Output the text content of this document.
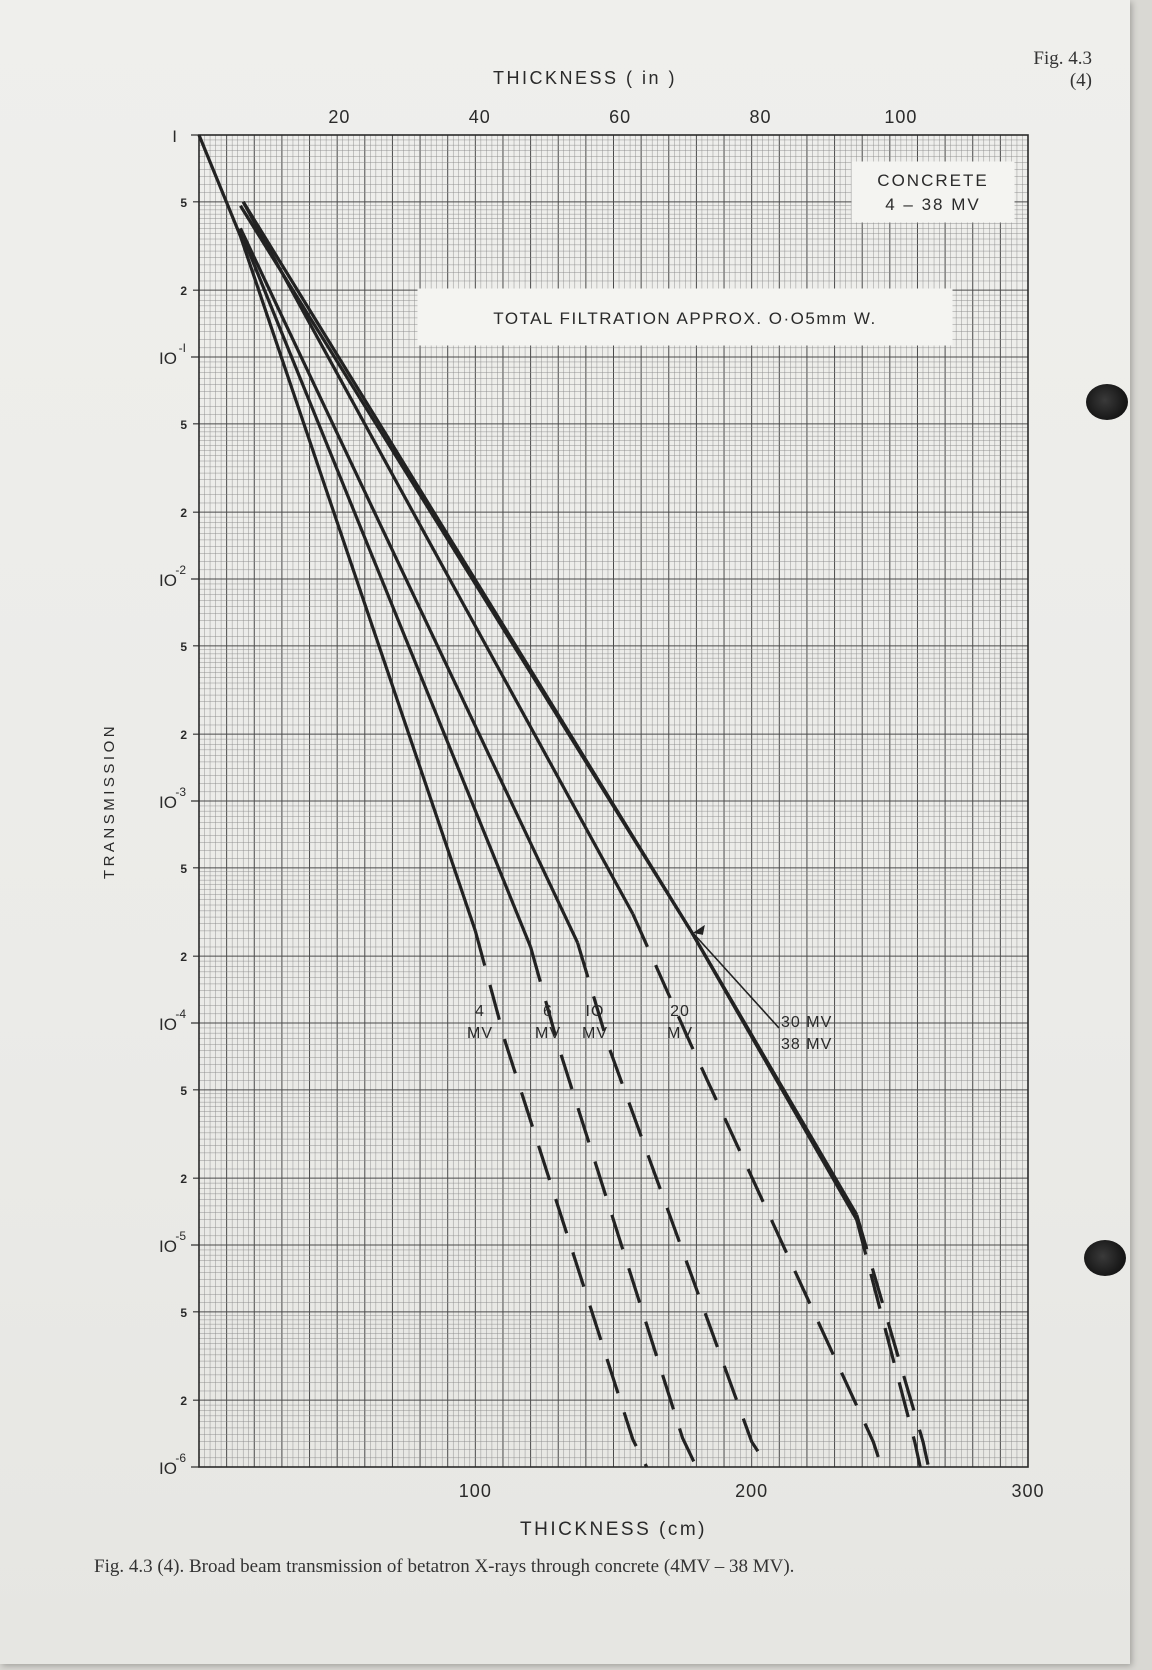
Fig. 4.3
(4)
100	200	300
20	40	60	80	100
THICKNESS (cm)
THICKNESS ( in )
TRANSMISSION
I
5
2
IO
-I
5
2
IO
-2
5
2
IO
-3
5
2
IO
-4
5
2
IO
-5
5
2
IO
-6
CONCRETE
4 – 38 MV
TOTAL FILTRATION APPROX. O·O5mm W.
4
MV
6
MV
IO
MV
20
MV
30 MV
38 MV
Fig. 4.3 (4). Broad beam transmission of betatron X-rays through concrete (4MV – 38 MV).
